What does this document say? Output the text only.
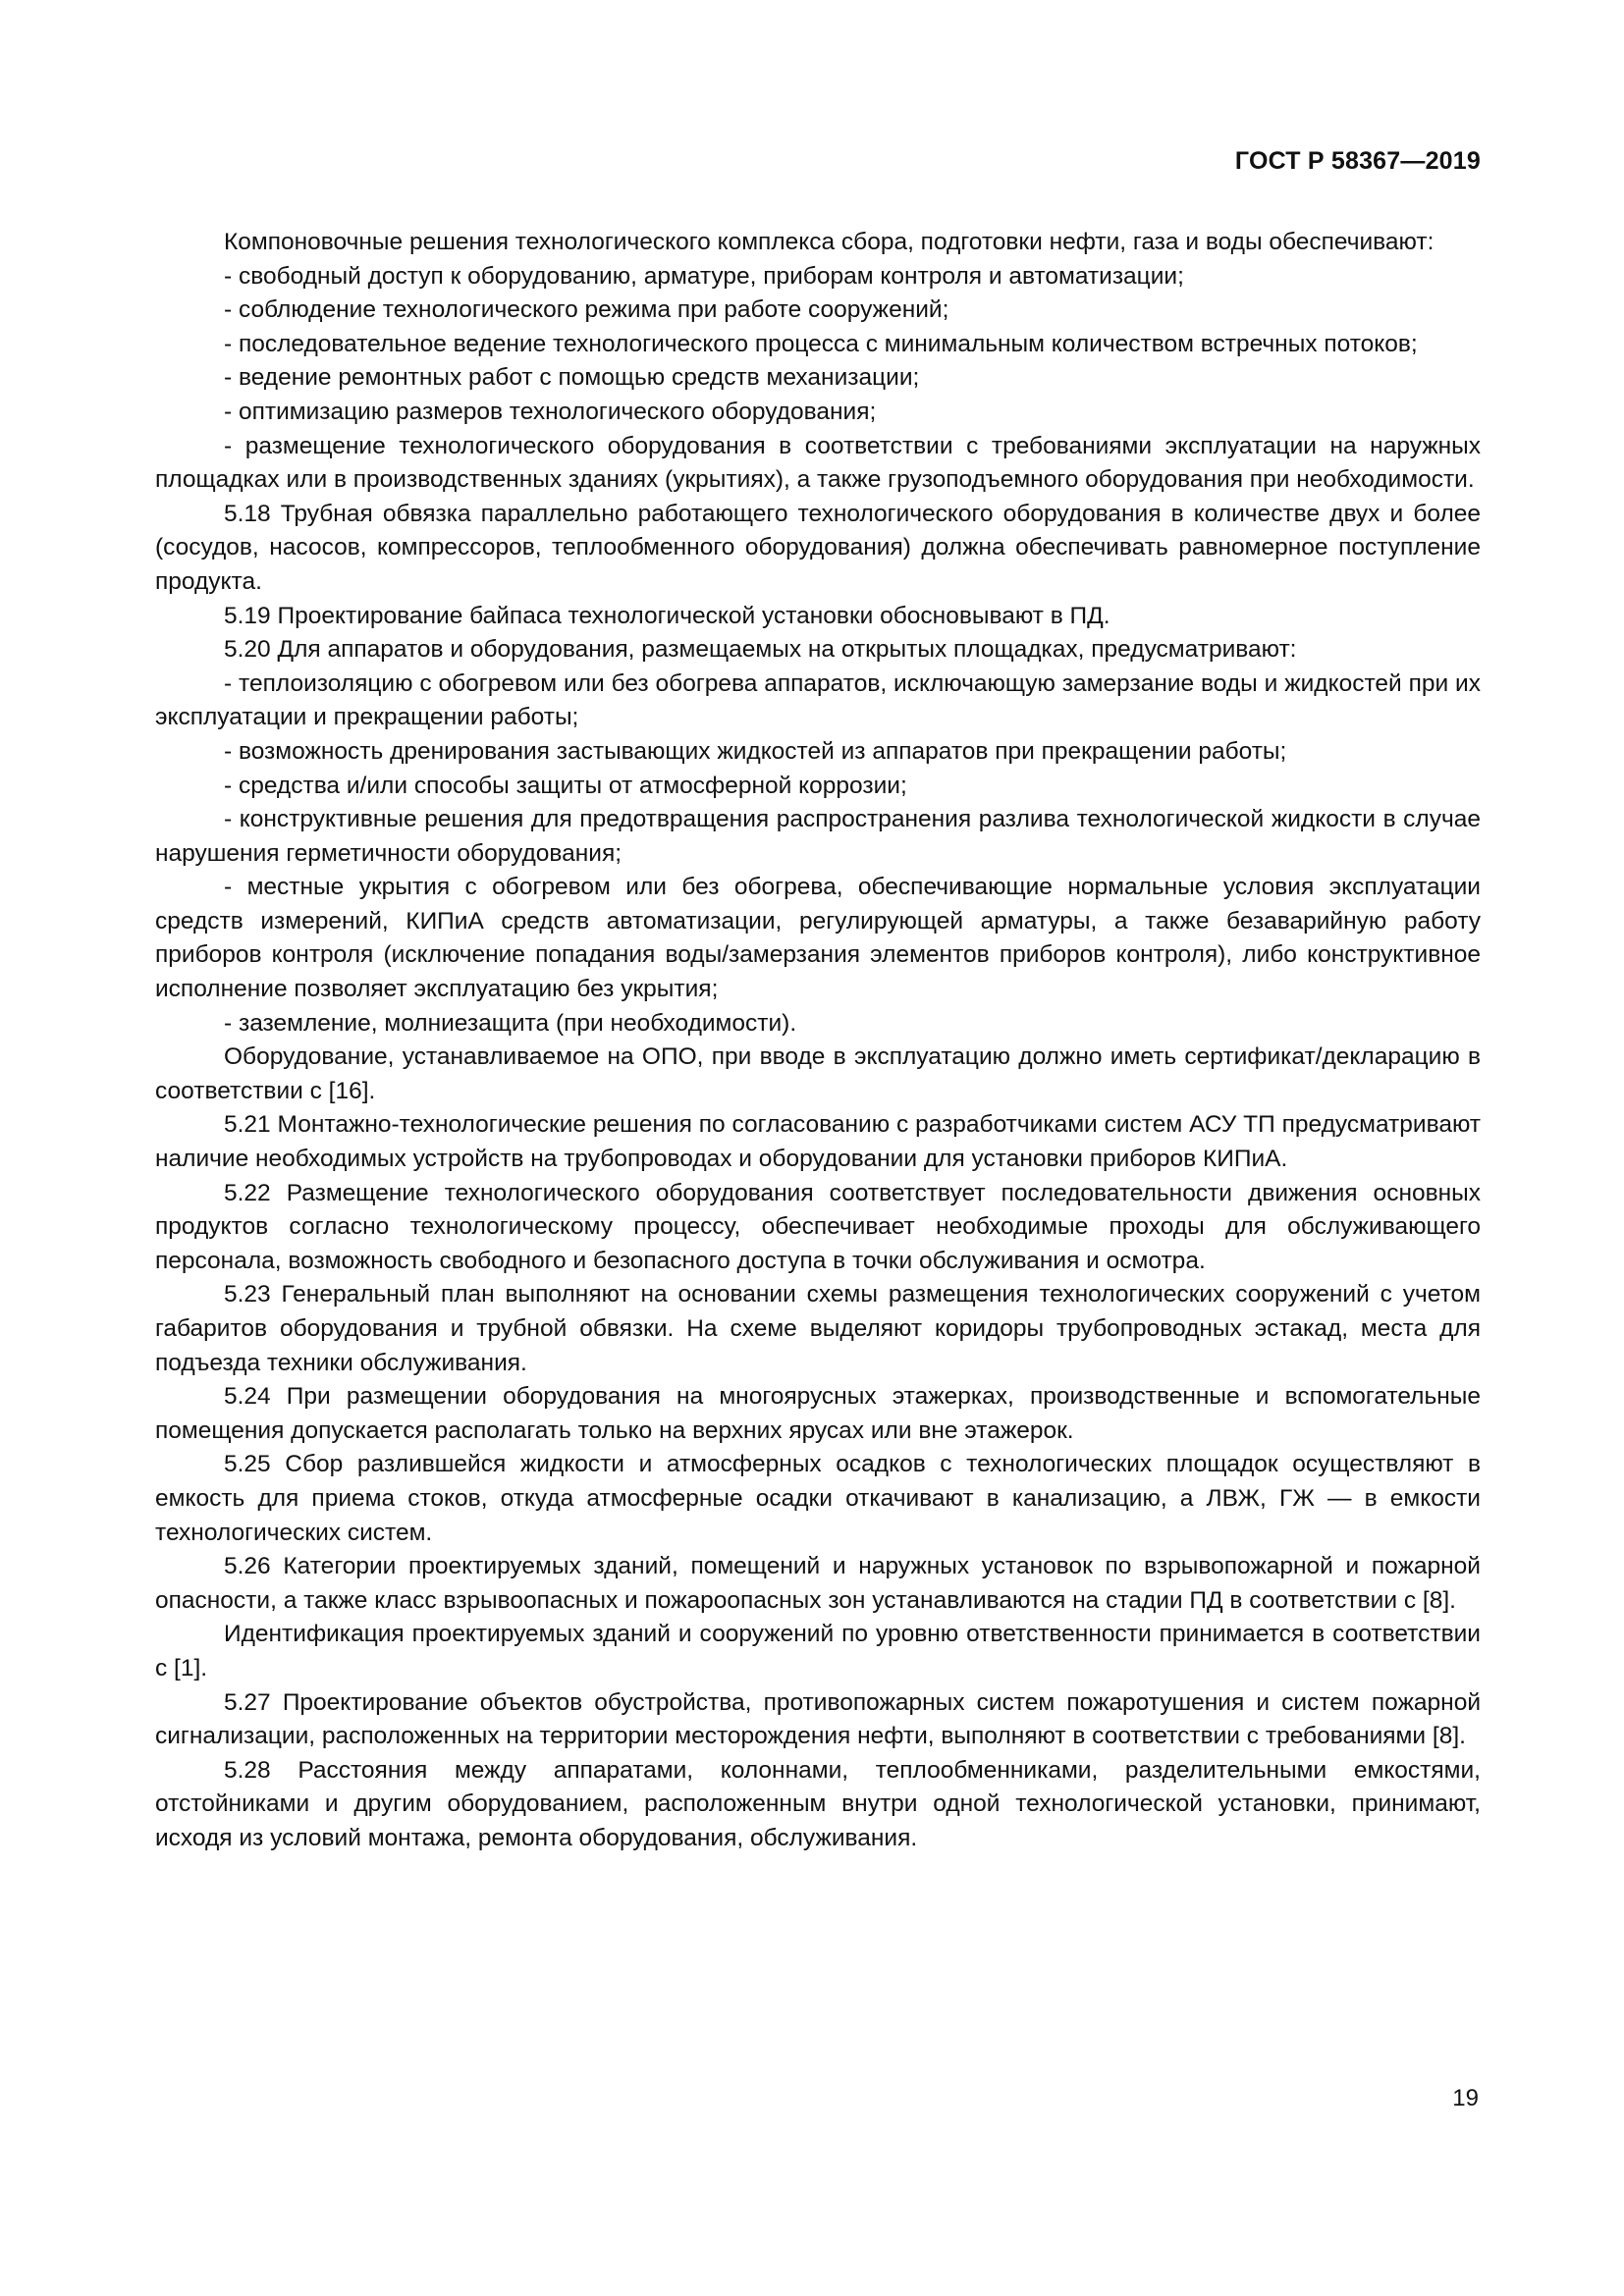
ГОСТ Р 58367—2019

Компоновочные решения технологического комплекса сбора, подготовки нефти, газа и воды обеспечивают:

- свободный доступ к оборудованию, арматуре, приборам контроля и автоматизации;

- соблюдение технологического режима при работе сооружений;

- последовательное ведение технологического процесса с минимальным количеством встречных потоков;

- ведение ремонтных работ с помощью средств механизации;

- оптимизацию размеров технологического оборудования;

- размещение технологического оборудования в соответствии с требованиями эксплуатации на наружных площадках или в производственных зданиях (укрытиях), а также грузоподъемного оборудования при необходимости.

5.18 Трубная обвязка параллельно работающего технологического оборудования в количестве двух и более (сосудов, насосов, компрессоров, теплообменного оборудования) должна обеспечивать равномерное поступление продукта.

5.19 Проектирование байпаса технологической установки обосновывают в ПД.

5.20 Для аппаратов и оборудования, размещаемых на открытых площадках, предусматривают:

- теплоизоляцию с обогревом или без обогрева аппаратов, исключающую замерзание воды и жидкостей при их эксплуатации и прекращении работы;

- возможность дренирования застывающих жидкостей из аппаратов при прекращении работы;

- средства и/или способы защиты от атмосферной коррозии;

- конструктивные решения для предотвращения распространения разлива технологической жидкости в случае нарушения герметичности оборудования;

- местные укрытия с обогревом или без обогрева, обеспечивающие нормальные условия эксплуатации средств измерений, КИПиА средств автоматизации, регулирующей арматуры, а также безаварийную работу приборов контроля (исключение попадания воды/замерзания элементов приборов контроля), либо конструктивное исполнение позволяет эксплуатацию без укрытия;

- заземление, молниезащита (при необходимости).

Оборудование, устанавливаемое на ОПО, при вводе в эксплуатацию должно иметь сертификат/декларацию в соответствии с [16].

5.21 Монтажно-технологические решения по согласованию с разработчиками систем АСУ ТП предусматривают наличие необходимых устройств на трубопроводах и оборудовании для установки приборов КИПиА.

5.22 Размещение технологического оборудования соответствует последовательности движения основных продуктов согласно технологическому процессу, обеспечивает необходимые проходы для обслуживающего персонала, возможность свободного и безопасного доступа в точки обслуживания и осмотра.

5.23 Генеральный план выполняют на основании схемы размещения технологических сооружений с учетом габаритов оборудования и трубной обвязки. На схеме выделяют коридоры трубопроводных эстакад, места для подъезда техники обслуживания.

5.24 При размещении оборудования на многоярусных этажерках, производственные и вспомогательные помещения допускается располагать только на верхних ярусах или вне этажерок.

5.25 Сбор разлившейся жидкости и атмосферных осадков с технологических площадок осуществляют в емкость для приема стоков, откуда атмосферные осадки откачивают в канализацию, а ЛВЖ, ГЖ — в емкости технологических систем.

5.26 Категории проектируемых зданий, помещений и наружных установок по взрывопожарной и пожарной опасности, а также класс взрывоопасных и пожароопасных зон устанавливаются на стадии ПД в соответствии с [8].

Идентификация проектируемых зданий и сооружений по уровню ответственности принимается в соответствии с [1].

5.27 Проектирование объектов обустройства, противопожарных систем пожаротушения и систем пожарной сигнализации, расположенных на территории месторождения нефти, выполняют в соответствии с требованиями [8].

5.28 Расстояния между аппаратами, колоннами, теплообменниками, разделительными емкостями, отстойниками и другим оборудованием, расположенным внутри одной технологической установки, принимают, исходя из условий монтажа, ремонта оборудования, обслуживания.

19
